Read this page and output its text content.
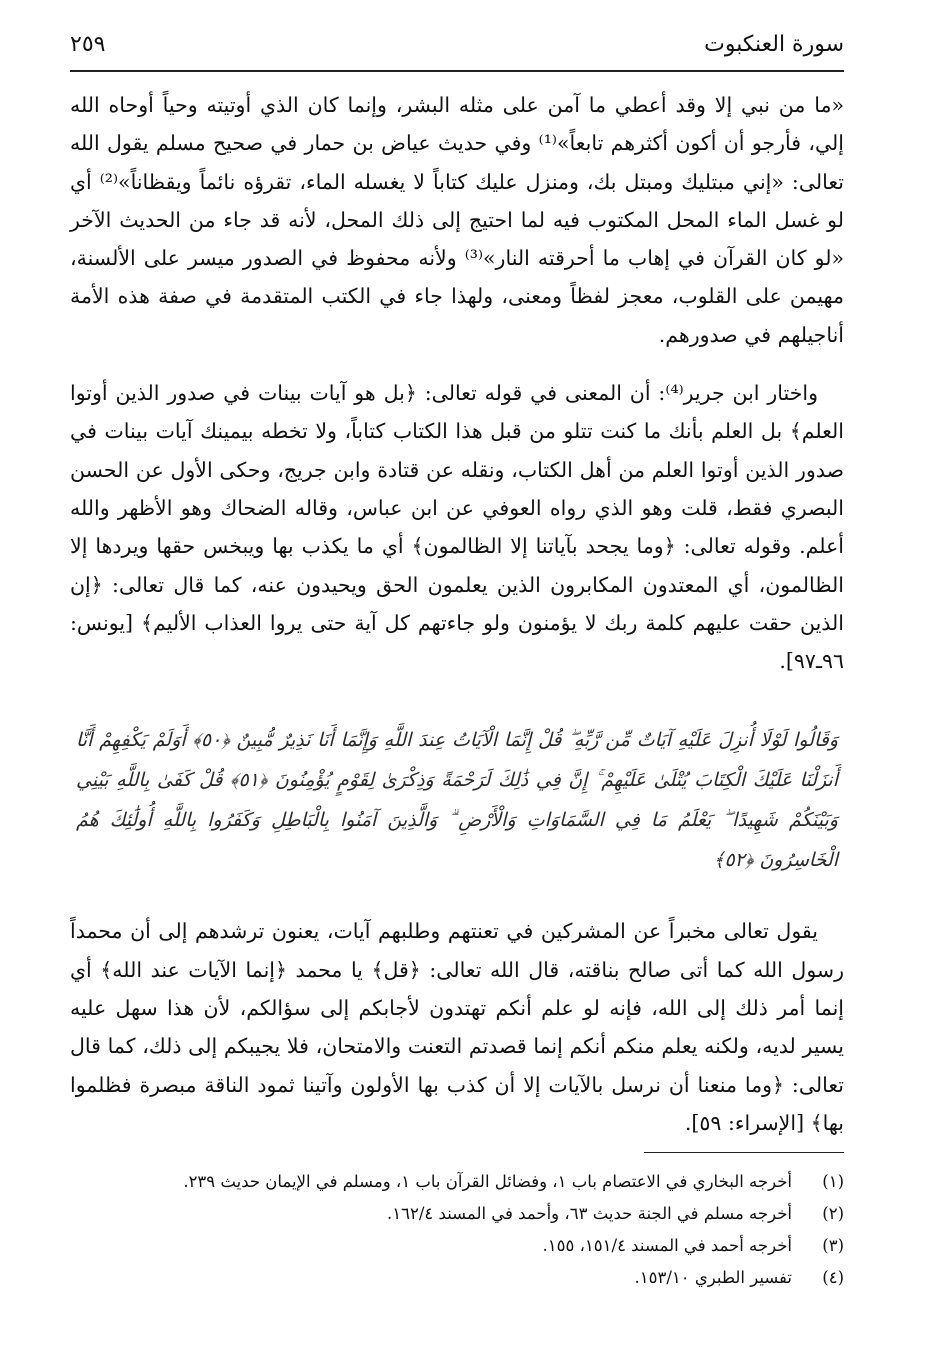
سورة العنكبوت
٢٥٩

«ما من نبي إلا وقد أعطي ما آمن على مثله البشر، وإنما كان الذي أوتيته وحياً أوحاه الله إلي، فأرجو أن أكون أكثرهم تابعاً»⁽¹⁾ وفي حديث عياض بن حمار في صحيح مسلم يقول الله تعالى: «إني مبتليك ومبتل بك، ومنزل عليك كتاباً لا يغسله الماء، تقرؤه نائماً ويقظاناً»⁽²⁾ أي لو غسل الماء المحل المكتوب فيه لما احتيج إلى ذلك المحل، لأنه قد جاء من الحديث الآخر «لو كان القرآن في إهاب ما أحرقته النار»⁽³⁾ ولأنه محفوظ في الصدور ميسر على الألسنة، مهيمن على القلوب، معجز لفظاً ومعنى، ولهذا جاء في الكتب المتقدمة في صفة هذه الأمة أناجيلهم في صدورهم.

واختار ابن جرير⁽⁴⁾: أن المعنى في قوله تعالى: ﴿بل هو آيات بينات في صدور الذين أوتوا العلم﴾ بل العلم بأنك ما كنت تتلو من قبل هذا الكتاب كتاباً، ولا تخطه بيمينك آيات بينات في صدور الذين أوتوا العلم من أهل الكتاب، ونقله عن قتادة وابن جريج، وحكى الأول عن الحسن البصري فقط، قلت وهو الذي رواه العوفي عن ابن عباس، وقاله الضحاك وهو الأظهر والله أعلم. وقوله تعالى: ﴿وما يجحد بآياتنا إلا الظالمون﴾ أي ما يكذب بها ويبخس حقها ويردها إلا الظالمون، أي المعتدون المكابرون الذين يعلمون الحق ويحيدون عنه، كما قال تعالى: ﴿إن الذين حقت عليهم كلمة ربك لا يؤمنون ولو جاءتهم كل آية حتى يروا العذاب الأليم﴾ [يونس: ٩٦ـ٩٧].

وَقَالُوا لَوْلَا أُنزِلَ عَلَيْهِ آيَاتٌ مِّن رَّبِّهِ ۖ قُلْ إِنَّمَا الْآيَاتُ عِندَ اللَّهِ وَإِنَّمَا أَنَا نَذِيرٌ مُّبِينٌ ﴿٥٠﴾ أَوَلَمْ يَكْفِهِمْ أَنَّا أَنزَلْنَا عَلَيْكَ الْكِتَابَ يُتْلَىٰ عَلَيْهِمْ ۚ إِنَّ فِي ذَٰلِكَ لَرَحْمَةً وَذِكْرَىٰ لِقَوْمٍ يُؤْمِنُونَ ﴿٥١﴾ قُلْ كَفَىٰ بِاللَّهِ بَيْنِي وَبَيْنَكُمْ شَهِيدًا ۖ يَعْلَمُ مَا فِي السَّمَاوَاتِ وَالْأَرْضِ ۗ وَالَّذِينَ آمَنُوا بِالْبَاطِلِ وَكَفَرُوا بِاللَّهِ أُولَٰئِكَ هُمُ الْخَاسِرُونَ ﴿٥٢﴾

يقول تعالى مخبراً عن المشركين في تعنتهم وطلبهم آيات، يعنون ترشدهم إلى أن محمداً رسول الله كما أتى صالح بناقته، قال الله تعالى: ﴿قل﴾ يا محمد ﴿إنما الآيات عند الله﴾ أي إنما أمر ذلك إلى الله، فإنه لو علم أنكم تهتدون لأجابكم إلى سؤالكم، لأن هذا سهل عليه يسير لديه، ولكنه يعلم منكم أنكم إنما قصدتم التعنت والامتحان، فلا يجيبكم إلى ذلك، كما قال تعالى: ﴿وما منعنا أن نرسل بالآيات إلا أن كذب بها الأولون وآتينا ثمود الناقة مبصرة فظلموا بها﴾ [الإسراء: ٥٩].

(١)
أخرجه البخاري في الاعتصام باب ١، وفضائل القرآن باب ١، ومسلم في الإيمان حديث ٢٣٩.
(٢)
أخرجه مسلم في الجنة حديث ٦٣، وأحمد في المسند ١٦٢/٤.
(٣)
أخرجه أحمد في المسند ١٥١/٤، ١٥٥.
(٤)
تفسير الطبري ١٥٣/١٠.
